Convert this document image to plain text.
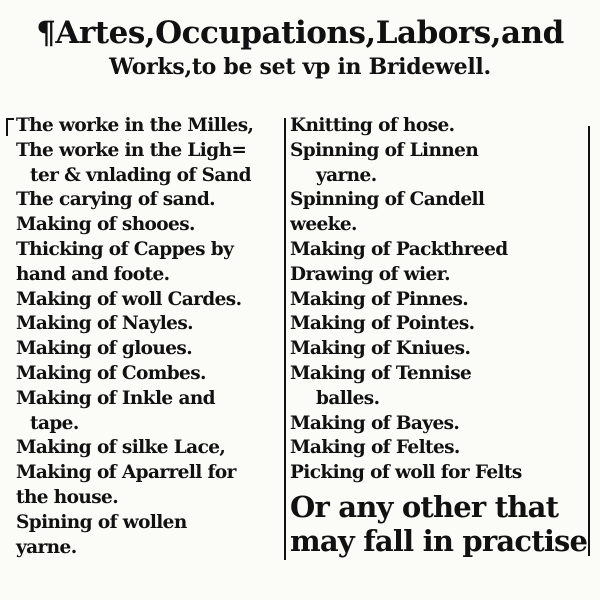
¶Artes,Occupations,Labors,and
Works,to be set vp in Bridewell.
The worke in the Milles,
The worke in the Ligh=
ter & vnlading of Sand
The carying of sand.
Making of shooes.
Thicking of Cappes by
hand and foote.
Making of woll Cardes.
Making of Nayles.
Making of gloues.
Making of Combes.
Making of Inkle and
tape.
Making of silke Lace,
Making of Aparrell for
the house.
Spining of wollen
yarne.
Knitting of hose.
Spinning of Linnen
yarne.
Spinning of Candell
weeke.
Making of Packthreed
Drawing of wier.
Making of Pinnes.
Making of Pointes.
Making of Kniues.
Making of Tennise
balles.
Making of Bayes.
Making of Feltes.
Picking of woll for Felts
Or any other that
may fall in practise
